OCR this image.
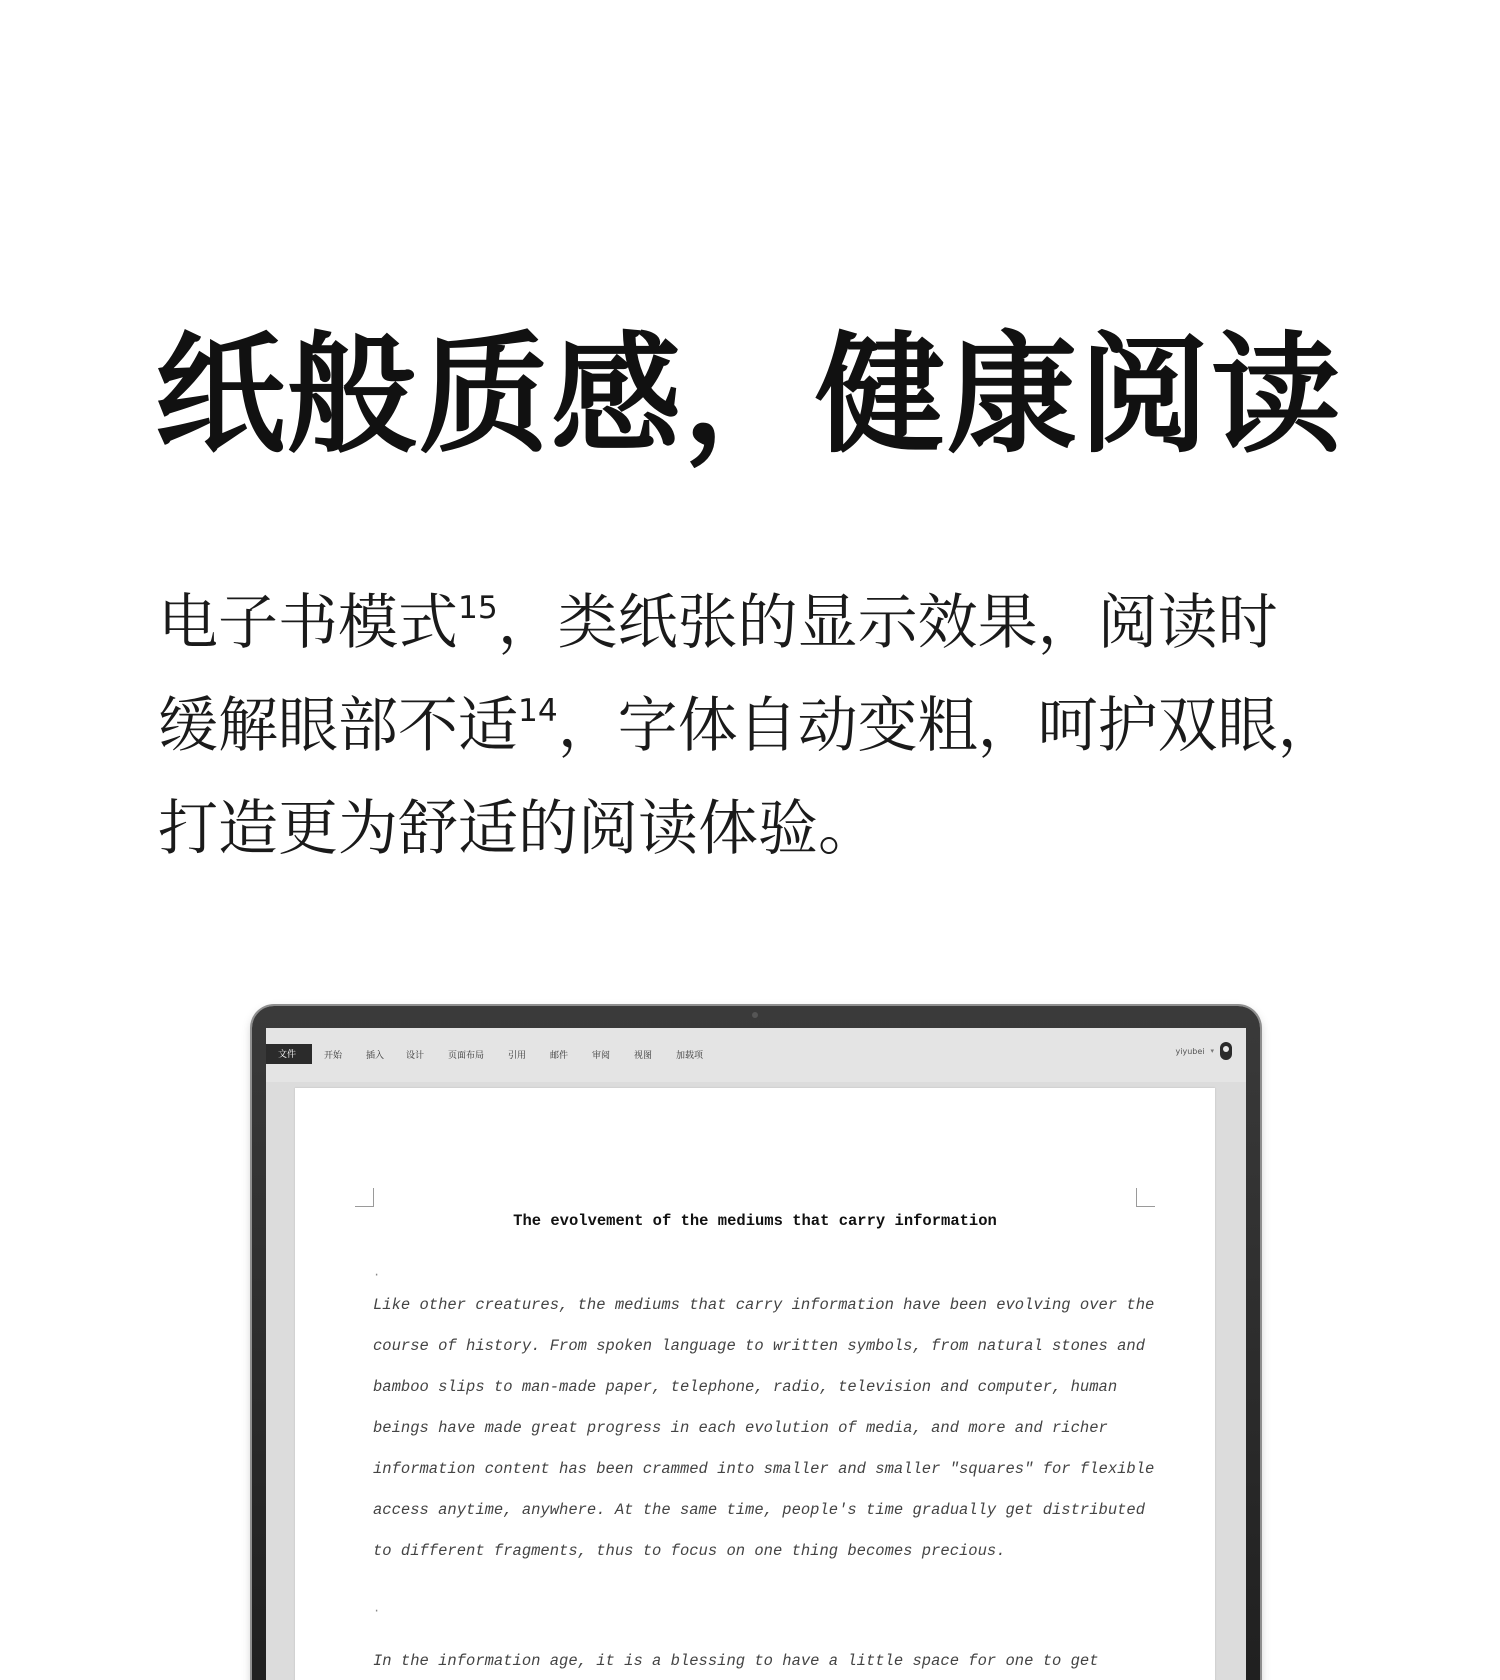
纸般质感，健康阅读

电子书模式$^{15}$，类纸张的显示效果，阅读时

缓解眼部不适$^{14}$，字体自动变粗，呵护双眼，

打造更为舒适的阅读体验。

文件	开始	插入 设计	页面布局	引用	邮件	审阅	视图	加载项	yiyubei ▾
The evolvement of the mediums that carry information
·
Like other creatures, the mediums that carry information have been evolving over the course of history. From spoken language to written symbols, from natural stones and bamboo slips to man-made paper, telephone, radio, television and computer, human beings have made great progress in each evolution of media, and more and richer information content has been crammed into smaller and smaller "squares" for flexible access anytime, anywhere. At the same time, people's time gradually get distributed to different fragments, thus to focus on one thing becomes precious.
·
In the information age, it is a blessing to have a little space for one to get
